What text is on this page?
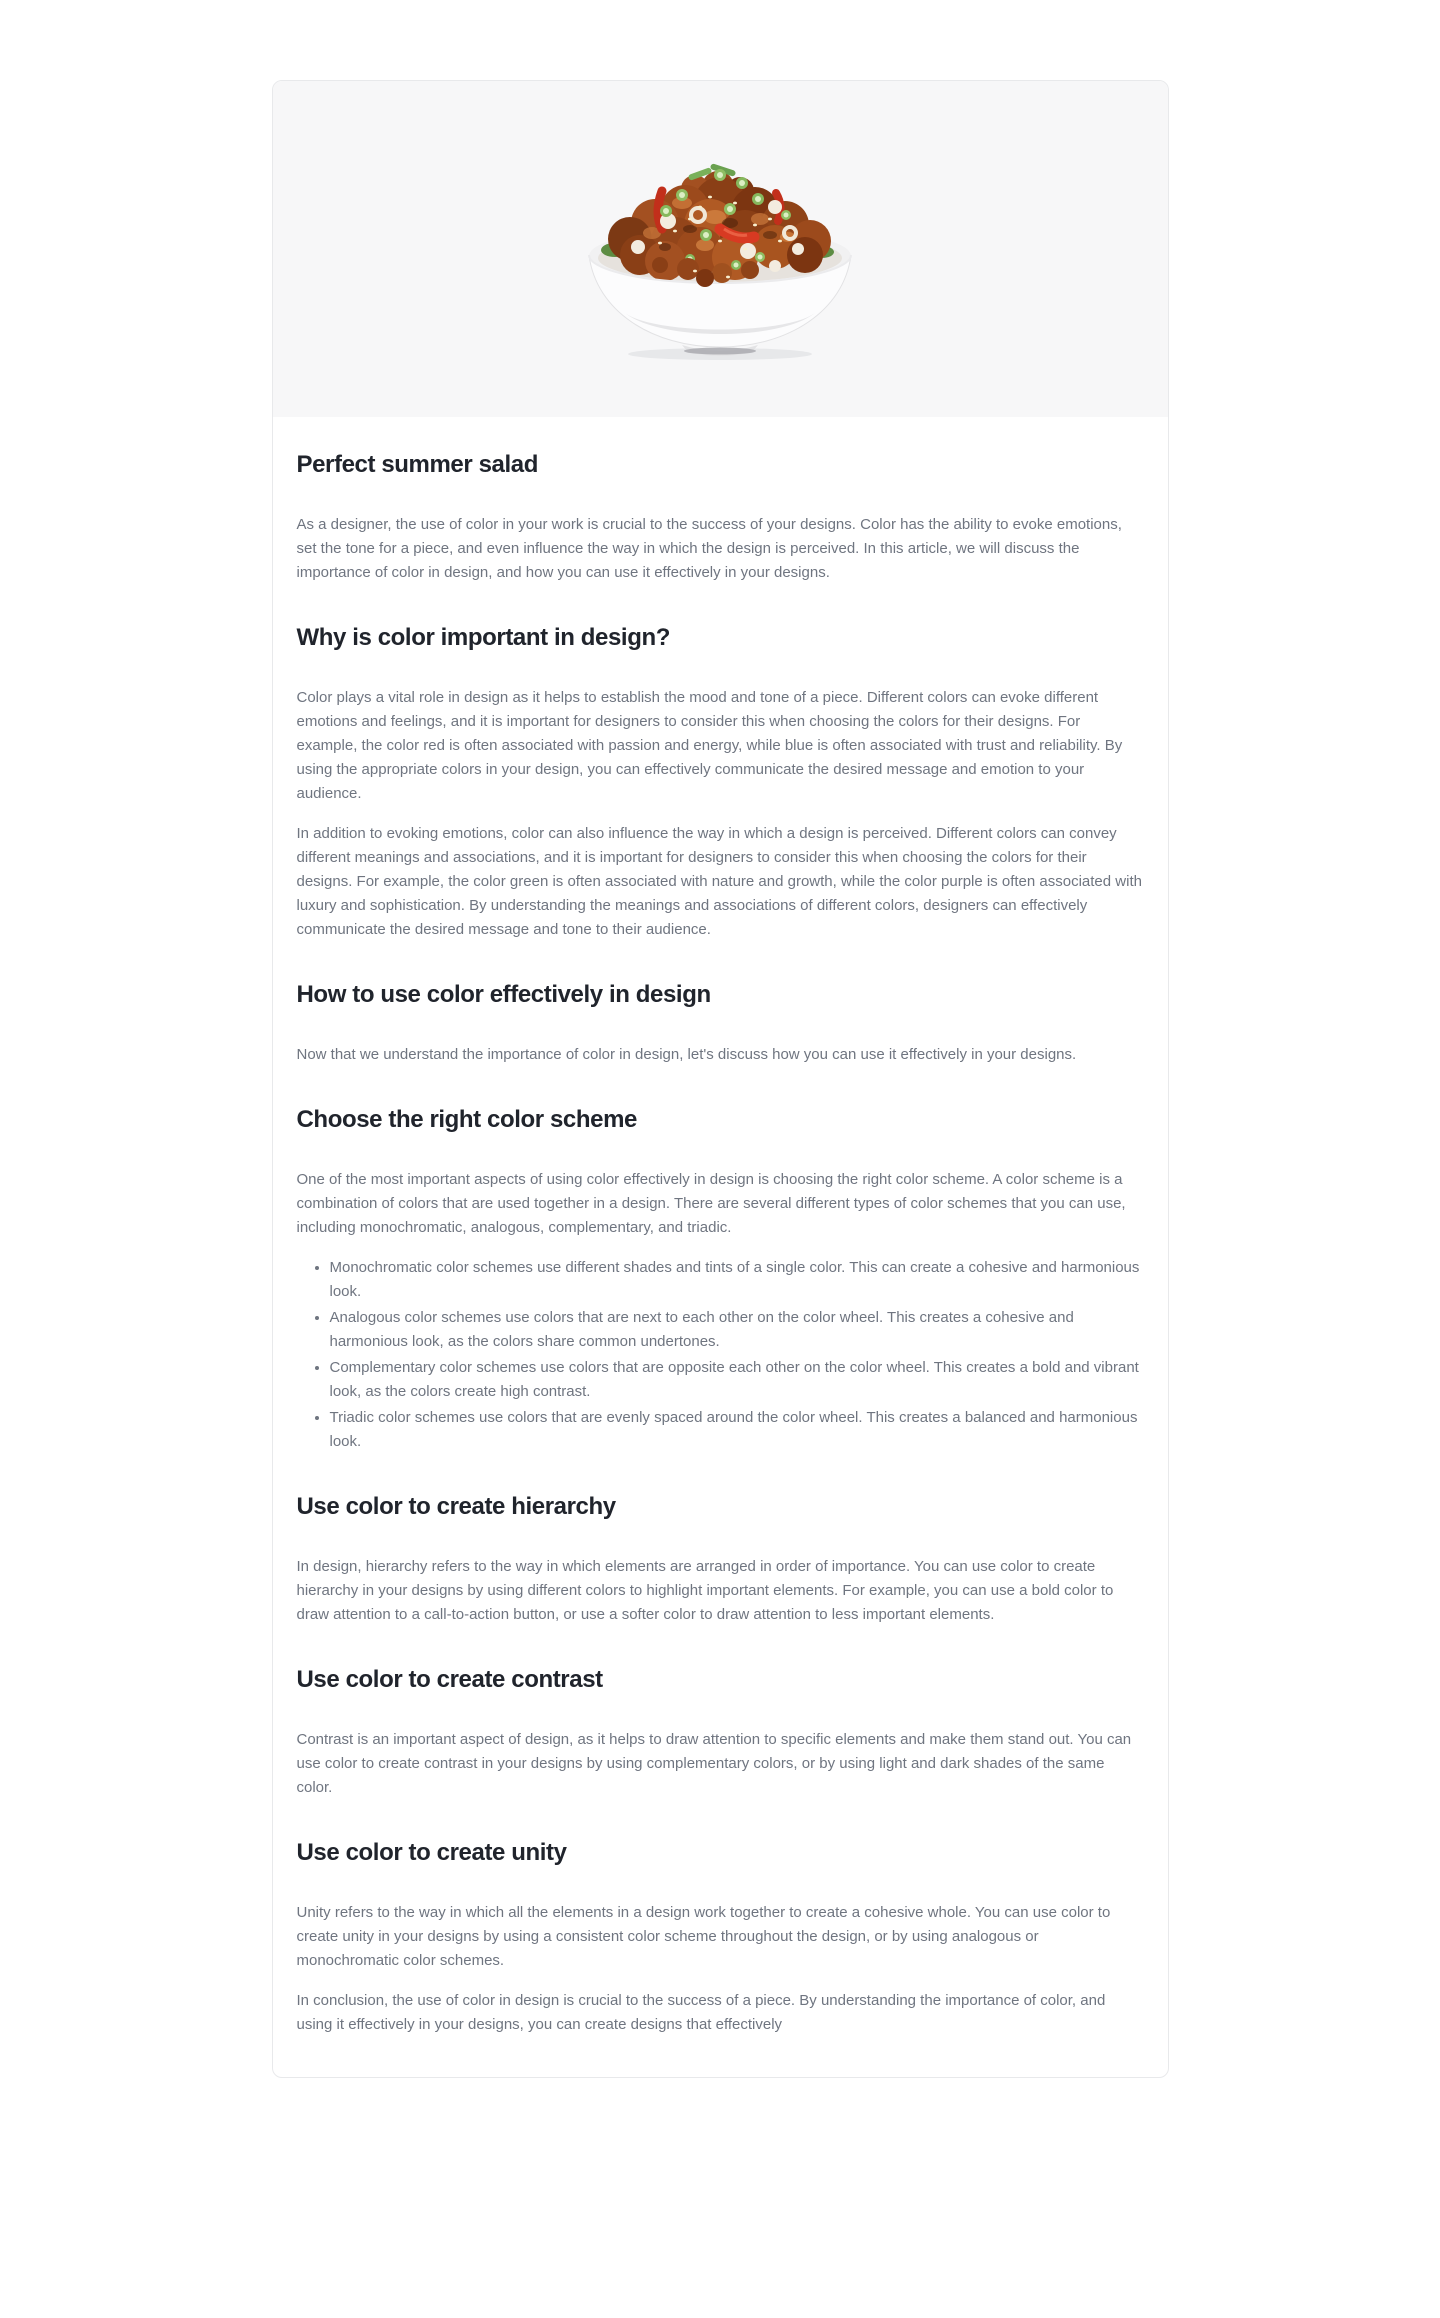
Perfect summer salad

As a designer, the use of color in your work is crucial to the success of your designs. Color has the ability to evoke emotions, set the tone for a piece, and even influence the way in which the design is perceived. In this article, we will discuss the importance of color in design, and how you can use it effectively in your designs.

Why is color important in design?

Color plays a vital role in design as it helps to establish the mood and tone of a piece. Different colors can evoke different emotions and feelings, and it is important for designers to consider this when choosing the colors for their designs. For example, the color red is often associated with passion and energy, while blue is often associated with trust and reliability. By using the appropriate colors in your design, you can effectively communicate the desired message and emotion to your audience.

In addition to evoking emotions, color can also influence the way in which a design is perceived. Different colors can convey different meanings and associations, and it is important for designers to consider this when choosing the colors for their designs. For example, the color green is often associated with nature and growth, while the color purple is often associated with luxury and sophistication. By understanding the meanings and associations of different colors, designers can effectively communicate the desired message and tone to their audience.

How to use color effectively in design

Now that we understand the importance of color in design, let's discuss how you can use it effectively in your designs.

Choose the right color scheme

One of the most important aspects of using color effectively in design is choosing the right color scheme. A color scheme is a combination of colors that are used together in a design. There are several different types of color schemes that you can use, including monochromatic, analogous, complementary, and triadic.

• Monochromatic color schemes use different shades and tints of a single color. This can create a cohesive and harmonious look.
• Analogous color schemes use colors that are next to each other on the color wheel. This creates a cohesive and harmonious look, as the colors share common undertones.
• Complementary color schemes use colors that are opposite each other on the color wheel. This creates a bold and vibrant look, as the colors create high contrast.
• Triadic color schemes use colors that are evenly spaced around the color wheel. This creates a balanced and harmonious look.
Use color to create hierarchy

In design, hierarchy refers to the way in which elements are arranged in order of importance. You can use color to create hierarchy in your designs by using different colors to highlight important elements. For example, you can use a bold color to draw attention to a call-to-action button, or use a softer color to draw attention to less important elements.

Use color to create contrast

Contrast is an important aspect of design, as it helps to draw attention to specific elements and make them stand out. You can use color to create contrast in your designs by using complementary colors, or by using light and dark shades of the same color.

Use color to create unity

Unity refers to the way in which all the elements in a design work together to create a cohesive whole. You can use color to create unity in your designs by using a consistent color scheme throughout the design, or by using analogous or monochromatic color schemes.

In conclusion, the use of color in design is crucial to the success of a piece. By understanding the importance of color, and using it effectively in your designs, you can create designs that effectively
